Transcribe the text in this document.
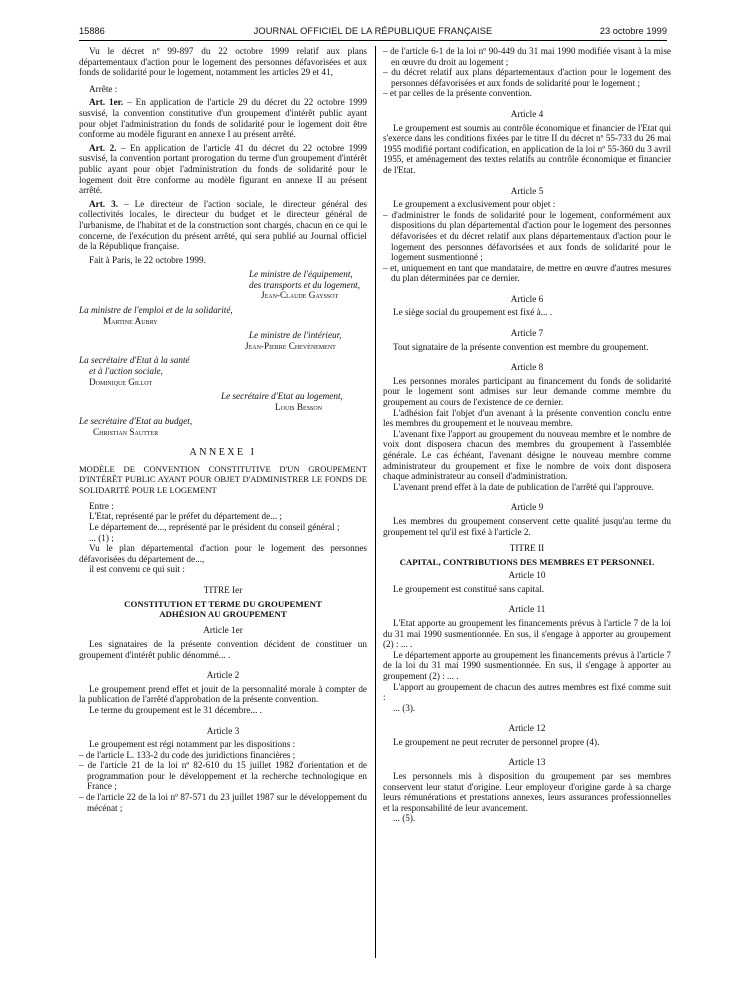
15886	JOURNAL OFFICIEL DE LA RÉPUBLIQUE FRANÇAISE	23 octobre 1999

Vu le décret nº 99-897 du 22 octobre 1999 relatif aux plans départementaux d'action pour le logement des personnes défavorisées et aux fonds de solidarité pour le logement, notamment les articles 29 et 41,

Arrête :

Art. 1er. – En application de l'article 29 du décret du 22 octobre 1999 susvisé, la convention constitutive d'un groupement d'intérêt public ayant pour objet l'administration du fonds de solidarité pour le logement doit être conforme au modèle figurant en annexe I au présent arrêté.

Art. 2. – En application de l'article 41 du décret du 22 octobre 1999 susvisé, la convention portant prorogation du terme d'un groupement d'intérêt public ayant pour objet l'administration du fonds de solidarité pour le logement doit être conforme au modèle figurant en annexe II au présent arrêté.

Art. 3. – Le directeur de l'action sociale, le directeur général des collectivités locales, le directeur du budget et le directeur général de l'urbanisme, de l'habitat et de la construction sont chargés, chacun en ce qui le concerne, de l'exécution du présent arrêté, qui sera publié au Journal officiel de la République française.

Fait à Paris, le 22 octobre 1999.

Le ministre de l'équipement,
des transports et du logement,
Jean-Claude Gayssot
La ministre de l'emploi et de la solidarité,
Martine Aubry
Le ministre de l'intérieur,
Jean-Pierre Chevènement
La secrétaire d'Etat à la santé
et à l'action sociale,
Dominique Gillot
Le secrétaire d'Etat au logement,
Louis Besson
Le secrétaire d'Etat au budget,
Christian Sautter
ANNEXE I

MODÈLE DE CONVENTION CONSTITUTIVE D'UN GROUPEMENT D'INTÉRÊT PUBLIC AYANT POUR OBJET D'ADMINISTRER LE FONDS DE SOLIDARITÉ POUR LE LOGEMENT

Entre :

L'Etat, représenté par le préfet du département de... ;

Le département de..., représenté par le président du conseil général ;

... (1) ;

Vu le plan départemental d'action pour le logement des personnes défavorisées du département de...,

il est convenu ce qui suit :

TITRE Ier
CONSTITUTION ET TERME DU GROUPEMENT ADHÉSION AU GROUPEMENT

Article 1er

Les signataires de la présente convention décident de constituer un groupement d'intérêt public dénommé... .

Article 2

Le groupement prend effet et jouit de la personnalité morale à compter de la publication de l'arrêté d'approbation de la présente convention.

Le terme du groupement est le 31 décembre... .

Article 3

Le groupement est régi notamment par les dispositions :

– de l'article L. 133-2 du code des juridictions financières ;

– de l'article 21 de la loi nº 82-610 du 15 juillet 1982 d'orientation et de programmation pour le développement et la recherche technologique en France ;

– de l'article 22 de la loi nº 87-571 du 23 juillet 1987 sur le développement du mécénat ;

– de l'article 6-1 de la loi nº 90-449 du 31 mai 1990 modifiée visant à la mise en œuvre du droit au logement ;

– du décret relatif aux plans départementaux d'action pour le logement des personnes défavorisées et aux fonds de solidarité pour le logement ;

– et par celles de la présente convention.

Article 4

Le groupement est soumis au contrôle économique et financier de l'Etat qui s'exerce dans les conditions fixées par le titre II du décret nº 55-733 du 26 mai 1955 modifié portant codification, en application de la loi nº 55-360 du 3 avril 1955, et aménagement des textes relatifs au contrôle économique et financier de l'Etat.

Article 5

Le groupement a exclusivement pour objet :

– d'administrer le fonds de solidarité pour le logement, conformément aux dispositions du plan départemental d'action pour le logement des personnes défavorisées et du décret relatif aux plans départementaux d'action pour le logement des personnes défavorisées et aux fonds de solidarité pour le logement susmentionné ;

– et, uniquement en tant que mandataire, de mettre en œuvre d'autres mesures du plan déterminées par ce dernier.

Article 6

Le siège social du groupement est fixé à... .

Article 7

Tout signataire de la présente convention est membre du groupement.

Article 8

Les personnes morales participant au financement du fonds de solidarité pour le logement sont admises sur leur demande comme membre du groupement au cours de l'existence de ce dernier.

L'adhésion fait l'objet d'un avenant à la présente convention conclu entre les membres du groupement et le nouveau membre.

L'avenant fixe l'apport au groupement du nouveau membre et le nombre de voix dont disposera chacun des membres du groupement à l'assemblée générale. Le cas échéant, l'avenant désigne le nouveau membre comme administrateur du groupement et fixe le nombre de voix dont disposera chaque administrateur au conseil d'administration.

L'avenant prend effet à la date de publication de l'arrêté qui l'approuve.

Article 9

Les membres du groupement conservent cette qualité jusqu'au terme du groupement tel qu'il est fixé à l'article 2.

TITRE II
CAPITAL, CONTRIBUTIONS DES MEMBRES ET PERSONNEL

Article 10

Le groupement est constitué sans capital.

Article 11

L'Etat apporte au groupement les financements prévus à l'article 7 de la loi du 31 mai 1990 susmentionnée. En sus, il s'engage à apporter au groupement (2) : ... .

Le département apporte au groupement les financements prévus à l'article 7 de la loi du 31 mai 1990 susmentionnée. En sus, il s'engage à apporter au groupement (2) : ... .

L'apport au groupement de chacun des autres membres est fixé comme suit :

... (3).

Article 12

Le groupement ne peut recruter de personnel propre (4).

Article 13

Les personnels mis à disposition du groupement par ses membres conservent leur statut d'origine. Leur employeur d'origine garde à sa charge leurs rémunérations et prestations annexes, leurs assurances professionnelles et la responsabilité de leur avancement.

... (5).
